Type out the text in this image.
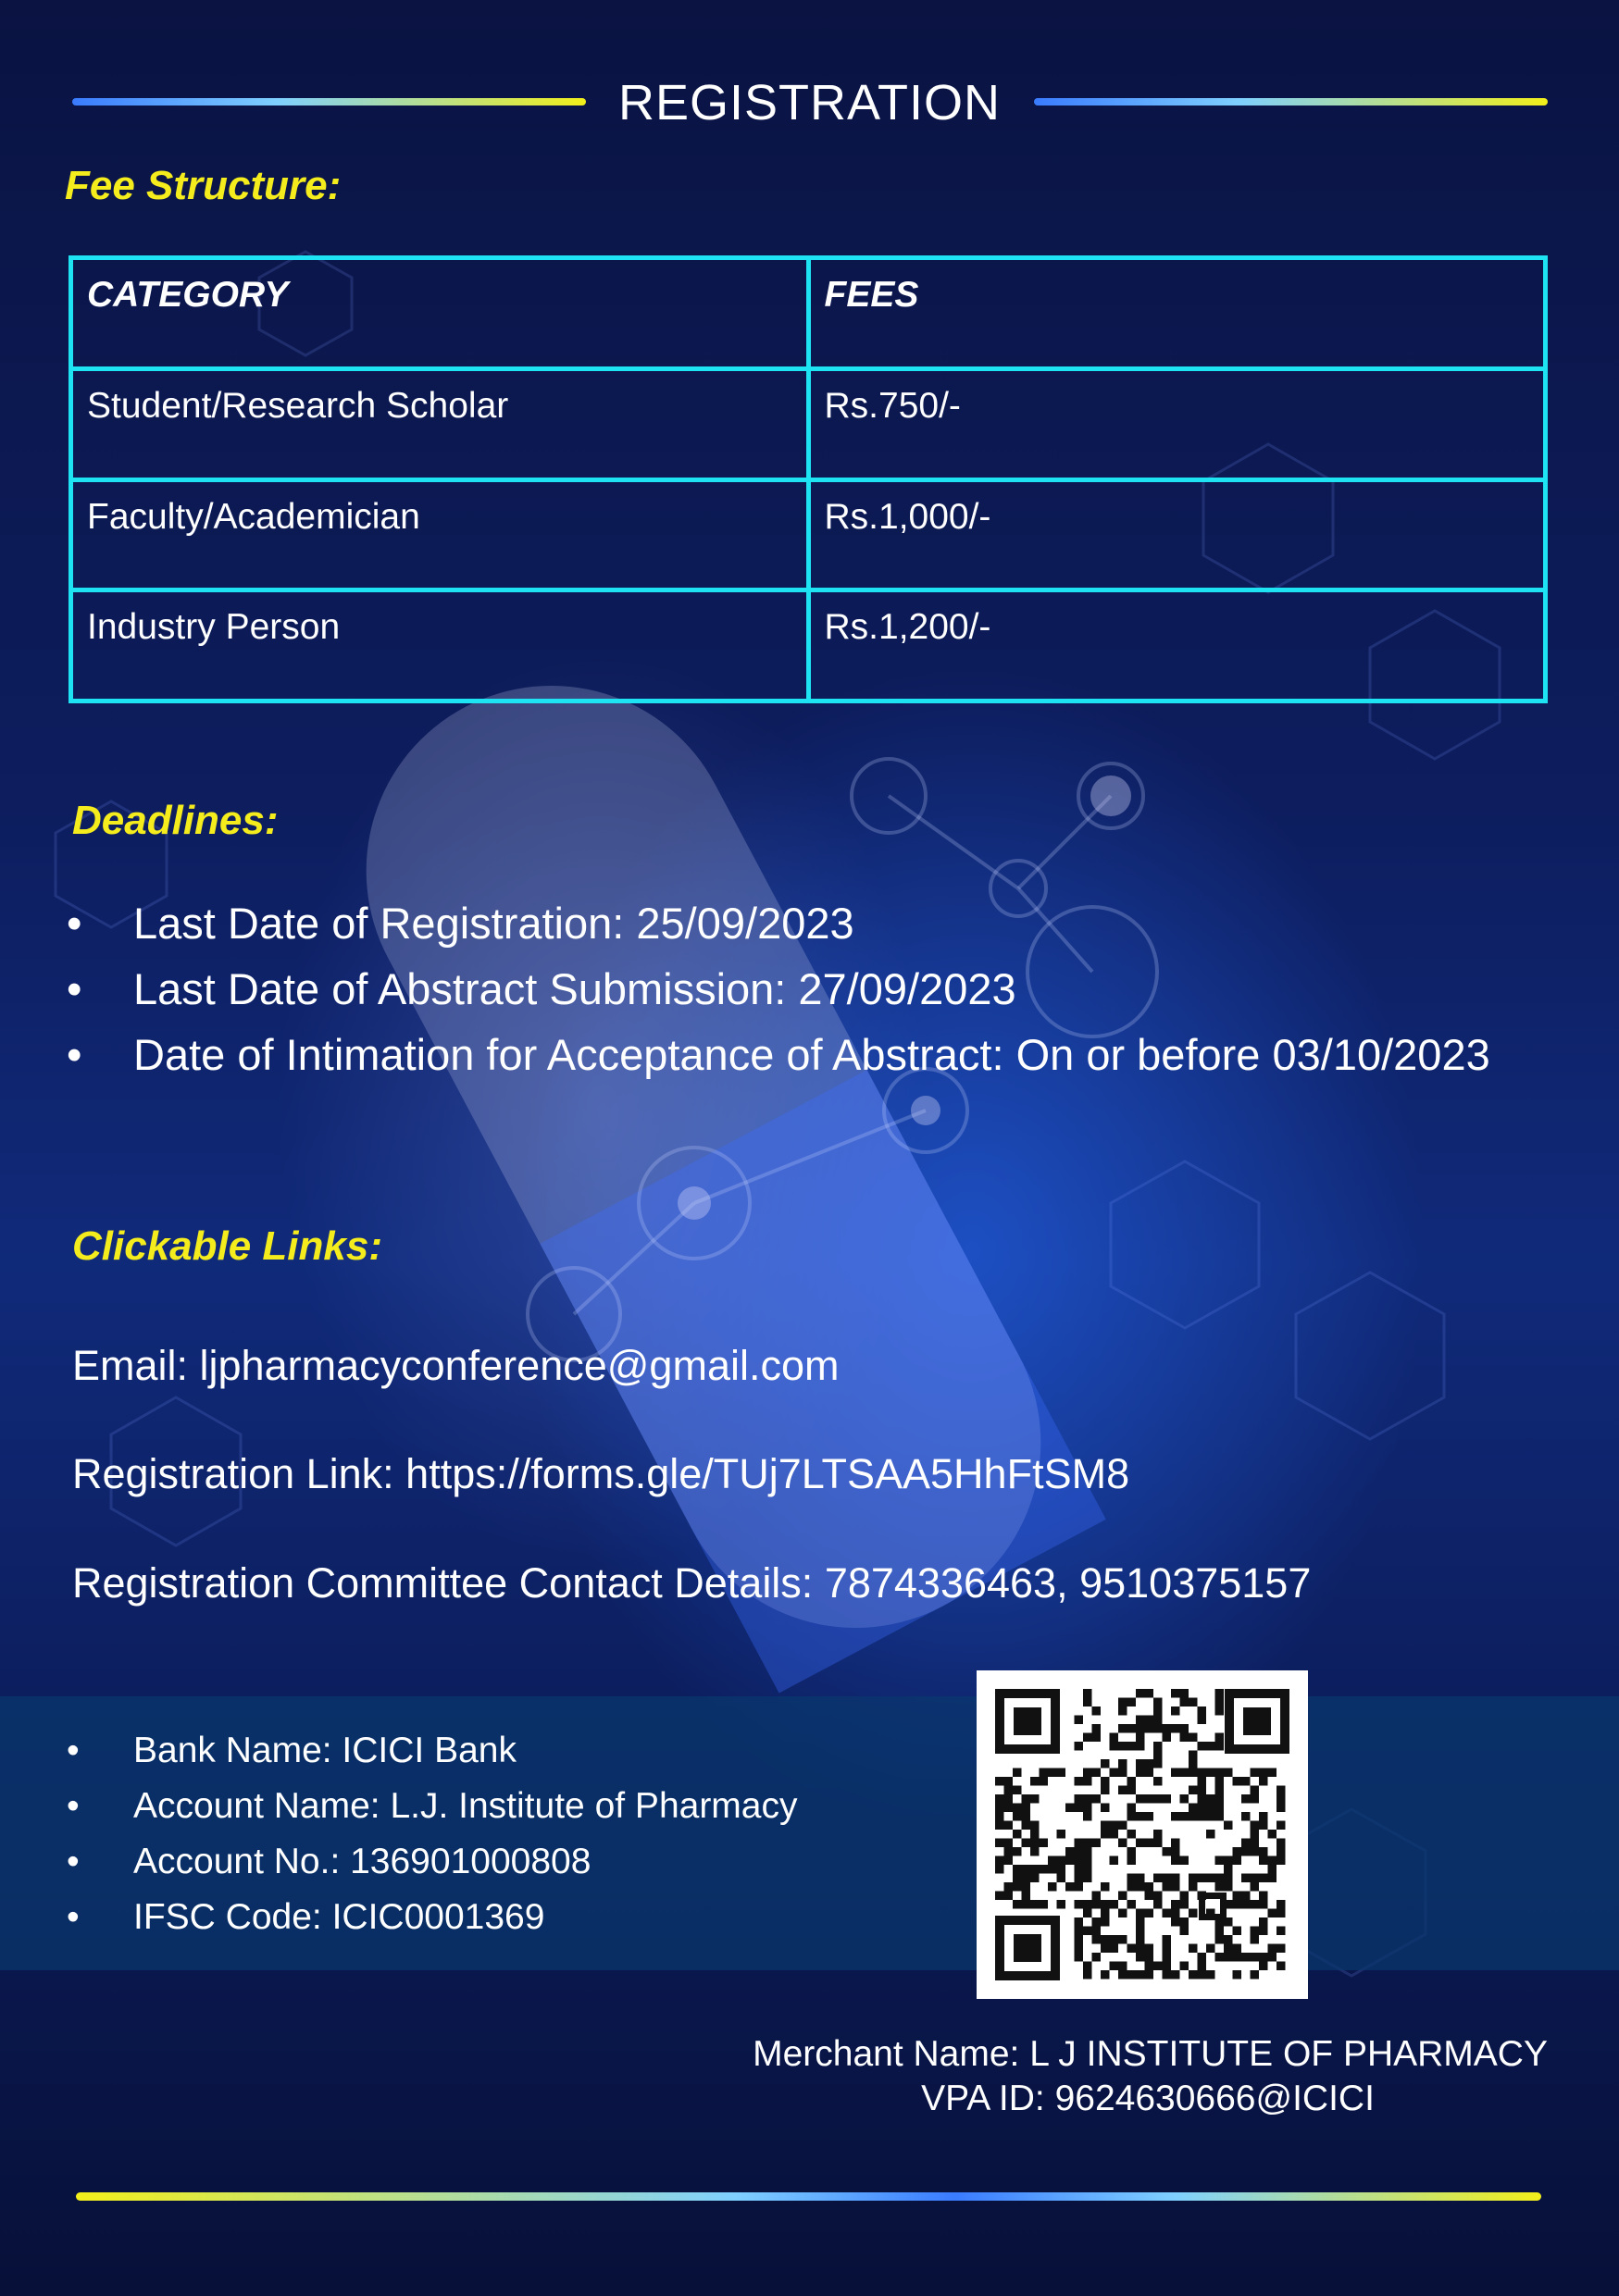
REGISTRATION
Fee Structure:
CATEGORY	FEES
Student/Research Scholar	Rs.750/-
Faculty/Academician	Rs.1,000/-
Industry Person	Rs.1,200/-
Deadlines:
• Last Date of Registration: 25/09/2023
• Last Date of Abstract Submission: 27/09/2023
• Date of Intimation for Acceptance of Abstract: On or before 03/10/2023
Clickable Links:
Email: ljpharmacyconference@gmail.com
Registration Link: https://forms.gle/TUj7LTSAA5HhFtSM8
Registration Committee Contact Details: 7874336463, 9510375157
• Bank Name: ICICI Bank
• Account Name: L.J. Institute of Pharmacy
• Account No.: 136901000808
• IFSC Code: ICIC0001369
Merchant Name: L J INSTITUTE OF PHARMACY
VPA ID: 9624630666@ICICI
